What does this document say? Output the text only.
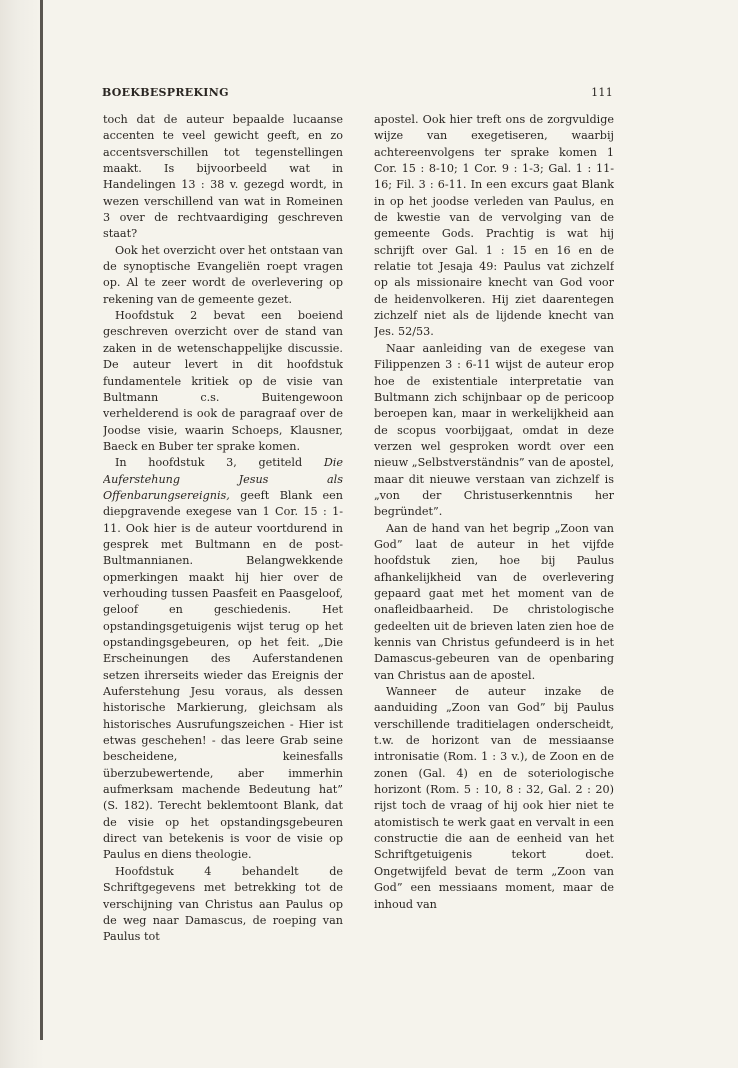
BOEKBESPREKING	111

toch dat de auteur bepaalde lucaanse accenten te veel gewicht geeft, en zo accentsverschillen tot tegenstellingen maakt. Is bijvoorbeeld wat in Handelingen 13 : 38 v. gezegd wordt, in wezen verschillend van wat in Romeinen 3 over de rechtvaardiging geschreven staat?

Ook het overzicht over het ontstaan van de synoptische Evangeliën roept vragen op. Al te zeer wordt de overlevering op rekening van de gemeente gezet.

Hoofdstuk 2 bevat een boeiend geschreven overzicht over de stand van zaken in de wetenschappelijke discussie. De auteur levert in dit hoofdstuk fundamentele kritiek op de visie van Bultmann c.s. Buitengewoon verhelderend is ook de paragraaf over de Joodse visie, waarin Schoeps, Klausner, Baeck en Buber ter sprake komen.

In hoofdstuk 3, getiteld Die Auferstehung Jesus als Offenbarungsereignis, geeft Blank een diepgravende exegese van 1 Cor. 15 : 1-11. Ook hier is de auteur voortdurend in gesprek met Bultmann en de post-Bultmannianen. Belangwekkende opmerkingen maakt hij hier over de verhouding tussen Paasfeit en Paasgeloof, geloof en geschiedenis. Het opstandingsgetuigenis wijst terug op het opstandingsgebeuren, op het feit. „Die Erscheinungen des Auferstandenen setzen ihrerseits wieder das Ereignis der Auferstehung Jesu voraus, als dessen historische Markierung, gleichsam als historisches Ausrufungszeichen - Hier ist etwas geschehen! - das leere Grab seine bescheidene, keinesfalls überzubewertende, aber immerhin aufmerksam machende Bedeutung hat” (S. 182). Terecht beklemtoont Blank, dat de visie op het opstandingsgebeuren direct van betekenis is voor de visie op Paulus en diens theologie.

Hoofdstuk 4 behandelt de Schriftgegevens met betrekking tot de verschijning van Christus aan Paulus op de weg naar Damascus, de roeping van Paulus tot

apostel. Ook hier treft ons de zorgvuldige wijze van exegetiseren, waarbij achtereenvolgens ter sprake komen 1 Cor. 15 : 8-10; 1 Cor. 9 : 1-3; Gal. 1 : 11-16; Fil. 3 : 6-11. In een excurs gaat Blank in op het joodse verleden van Paulus, en de kwestie van de vervolging van de gemeente Gods. Prachtig is wat hij schrijft over Gal. 1 : 15 en 16 en de relatie tot Jesaja 49: Paulus vat zichzelf op als missionaire knecht van God voor de heidenvolkeren. Hij ziet daarentegen zichzelf niet als de lijdende knecht van Jes. 52/53.

Naar aanleiding van de exegese van Filippenzen 3 : 6-11 wijst de auteur erop hoe de existentiale interpretatie van Bultmann zich schijnbaar op de pericoop beroepen kan, maar in werkelijkheid aan de scopus voorbijgaat, omdat in deze verzen wel gesproken wordt over een nieuw „Selbstverständnis” van de apostel, maar dit nieuwe verstaan van zichzelf is „von der Christuserkenntnis her begründet”.

Aan de hand van het begrip „Zoon van God” laat de auteur in het vijfde hoofdstuk zien, hoe bij Paulus afhankelijkheid van de overlevering gepaard gaat met het moment van de onafleidbaarheid. De christologische gedeelten uit de brieven laten zien hoe de kennis van Christus gefundeerd is in het Damascus-gebeuren van de openbaring van Christus aan de apostel.

Wanneer de auteur inzake de aanduiding „Zoon van God” bij Paulus verschillende traditielagen onderscheidt, t.w. de horizont van de messiaanse intronisatie (Rom. 1 : 3 v.), de Zoon en de zonen (Gal. 4) en de soteriologische horizont (Rom. 5 : 10, 8 : 32, Gal. 2 : 20) rijst toch de vraag of hij ook hier niet te atomistisch te werk gaat en vervalt in een constructie die aan de eenheid van het Schriftgetuigenis tekort doet. Ongetwijfeld bevat de term „Zoon van God” een messiaans moment, maar de inhoud van
